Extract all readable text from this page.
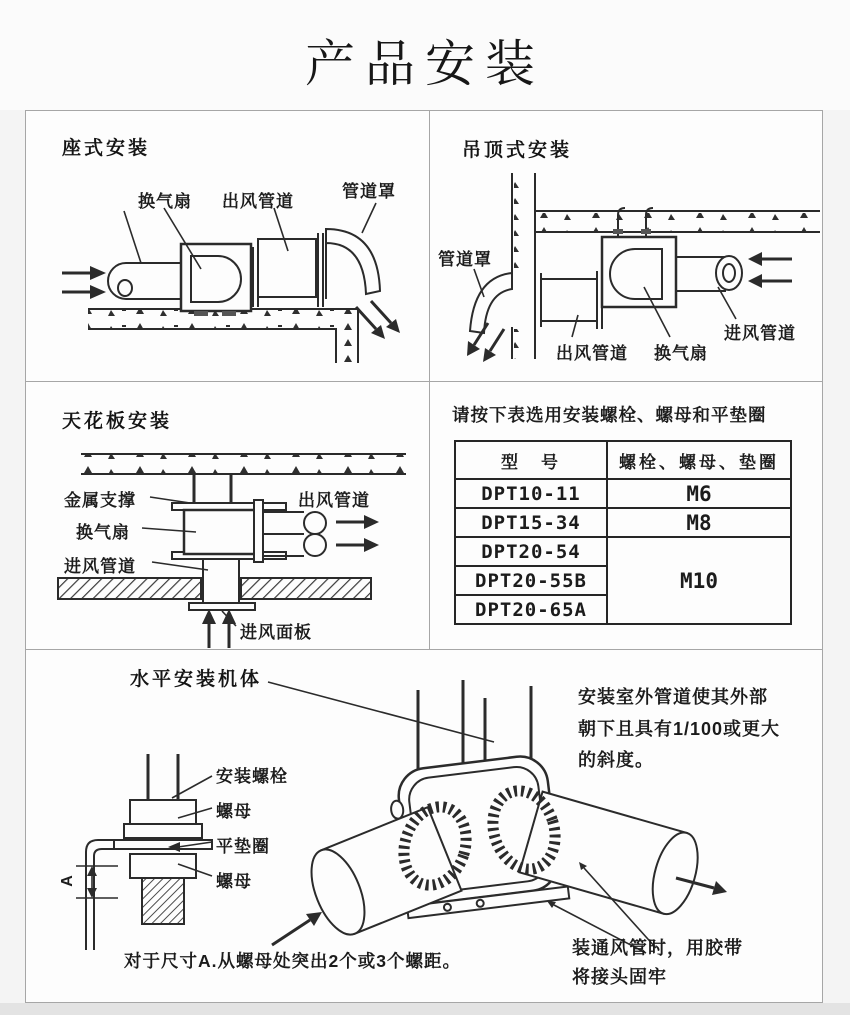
产品安装
座式安装
换气扇 出风管道
管道罩
吊顶式安装
管道罩
出风管道 换气扇
进风管道
天花板安装
金属支撑
换气扇
进风管道
出风管道
进风面板
请按下表选用安装螺栓、螺母和平垫圈
型　号	螺栓、螺母、垫圈
DPT10-11	M6
DPT15-34	M8
DPT20-54	M10
DPT20-55B	
DPT20-65A	
水平安装机体
安装室外管道使其外部
朝下且具有1/100或更大
的斜度。
安装螺栓
螺母
平垫圈
螺母
A
对于尺寸A.从螺母处突出2个或3个螺距。
装通风管时，用胶带
将接头固牢
